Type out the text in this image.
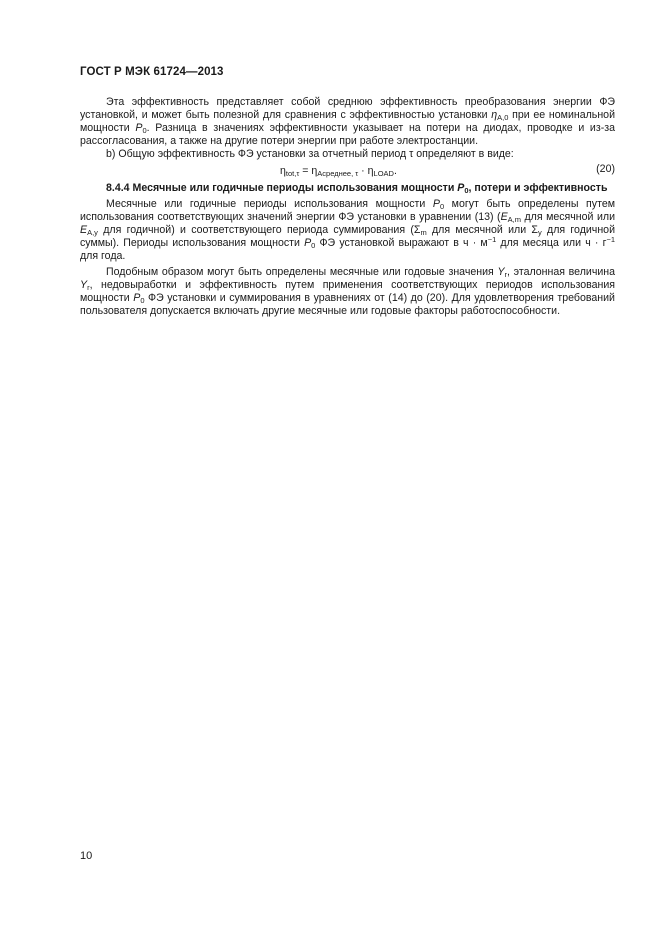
ГОСТ Р МЭК 61724—2013

Эта эффективность представляет собой среднюю эффективность преобразования энергии ФЭ установкой, и может быть полезной для сравнения с эффективностью установки $\eta_{A,0}$ при ее номинальной мощности $P_0$. Разница в значениях эффективности указывает на потери на диодах, проводке и из-за рассогласования, а также на другие потери энергии при работе электростанции.

b) Общую эффективность ФЭ установки за отчетный период τ определяют в виде:

$\eta_{tot,\tau} = \eta_{Aсреднее, \tau} \cdot \eta_{LOAD}$.	(20)

8.4.4 Месячные или годичные периоды использования мощности $P_0$, потери и эффективность

Месячные или годичные периоды использования мощности $P_0$ могут быть определены путем использования соответствующих значений энергии ФЭ установки в уравнении (13) ($E_{A,m}$ для месячной или $E_{A,y}$ для годичной) и соответствующего периода суммирования ($\Sigma_m$ для месячной или $\Sigma_y$ для годичной суммы). Периоды использования мощности $P_0$ ФЭ установкой выражают в $ч \cdot м^{-1}$ для месяца или $ч \cdot г^{-1}$ для года.

Подобным образом могут быть определены месячные или годовые значения $Y_r$, эталонная величина $Y_r$, недовыработки и эффективность путем применения соответствующих периодов использования мощности $P_0$ ФЭ установки и суммирования в уравнениях от (14) до (20). Для удовлетворения требований пользователя допускается включать другие месячные или годовые факторы работоспособности.

10
